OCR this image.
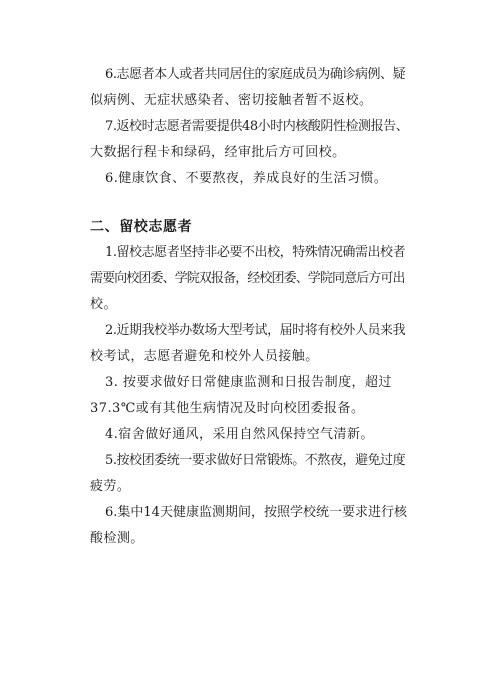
6.志愿者本人或者共同居住的家庭成员为确诊病例、疑
似病例、无症状感染者、密切接触者暂不返校。
7.返校时志愿者需要提供48小时内核酸阴性检测报告、
大数据行程卡和绿码，经审批后方可回校。
6.健康饮食、不要熬夜，养成良好的生活习惯。
二、留校志愿者
1.留校志愿者坚持非必要不出校，特殊情况确需出校者
需要向校团委、学院双报备，经校团委、学院同意后方可出
校。
2.近期我校举办数场大型考试，届时将有校外人员来我
校考试，志愿者避免和校外人员接触。
3. 按要求做好日常健康监测和日报告制度，超过
37.3℃或有其他生病情况及时向校团委报备。
4.宿舍做好通风，采用自然风保持空气清新。
5.按校团委统一要求做好日常锻炼。不熬夜，避免过度
疲劳。
6.集中14天健康监测期间，按照学校统一要求进行核
酸检测。
